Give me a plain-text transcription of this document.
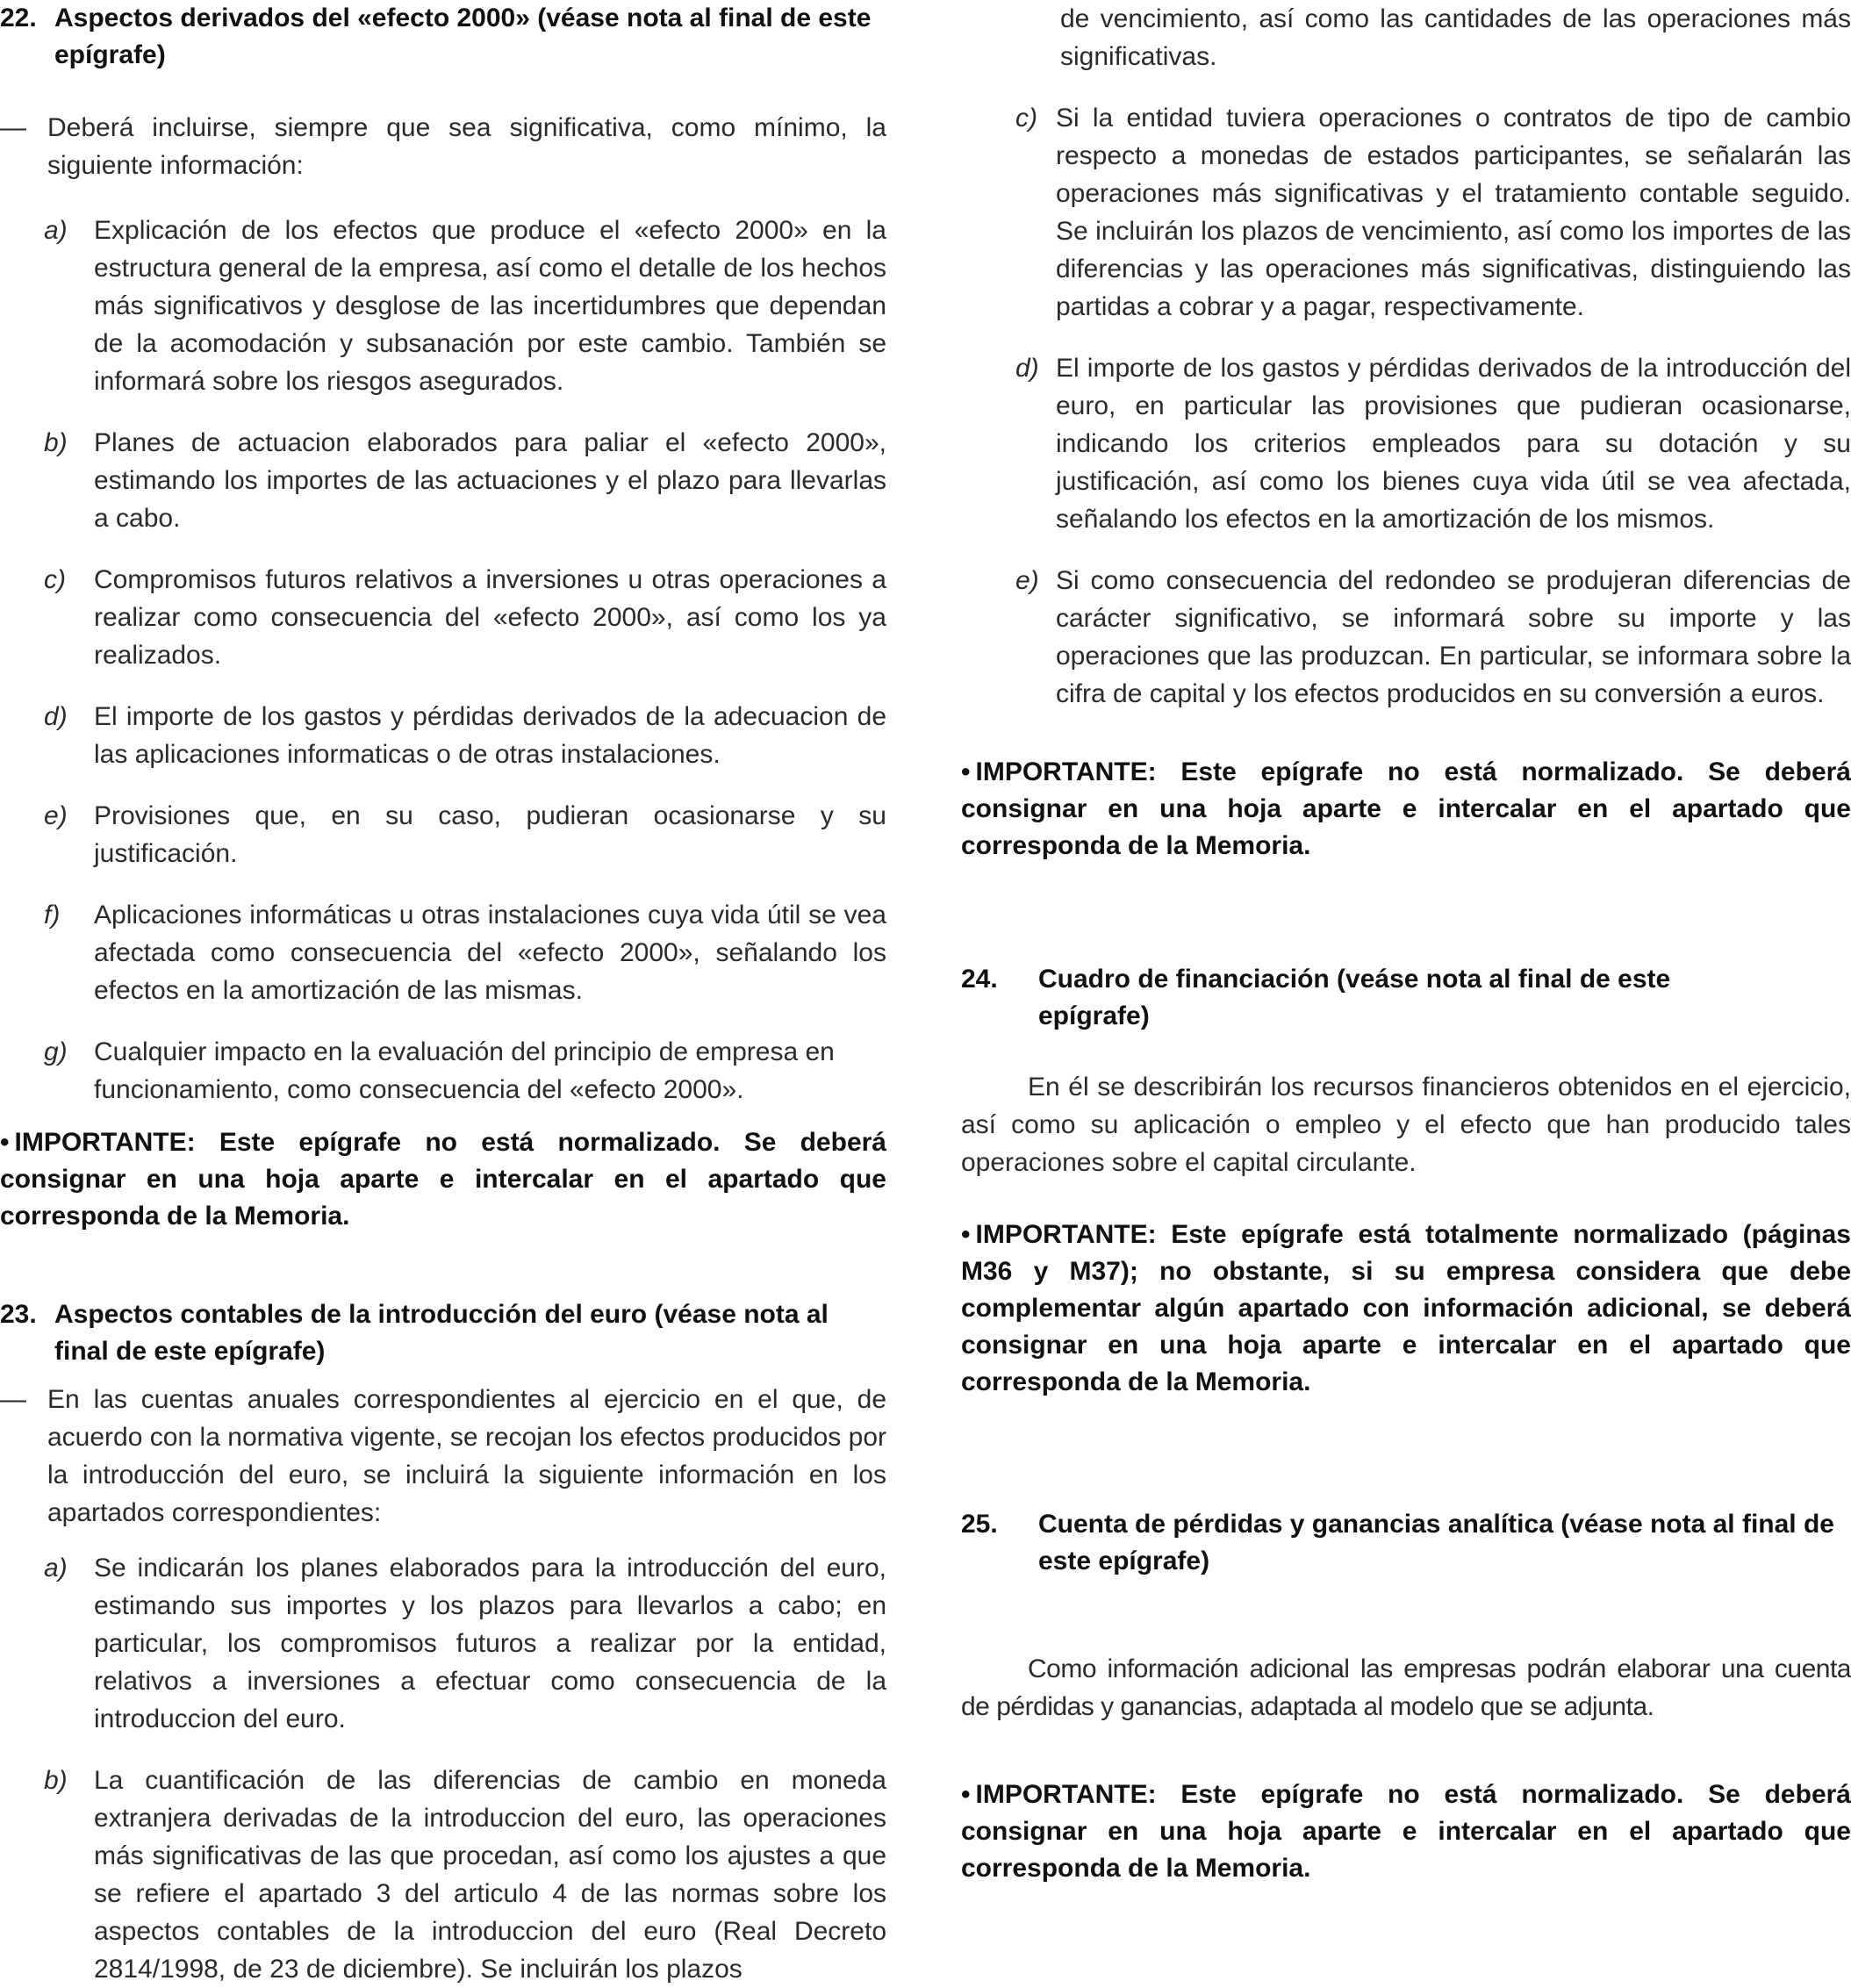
22. Aspectos derivados del «efecto 2000» (véase nota al final de este epígrafe)
— Deberá incluirse, siempre que sea significativa, como mínimo, la siguiente información:
a)	Explicación de los efectos que produce el «efecto 2000» en la estructura general de la empresa, así como el detalle de los hechos más significativos y desglose de las incertidumbres que dependan de la acomodación y subsanación por este cambio. También se informará sobre los riesgos asegurados.
b)	Planes de actuacion elaborados para paliar el «efecto 2000», estimando los importes de las actuaciones y el plazo para llevarlas a cabo.
c)	Compromisos futuros relativos a inversiones u otras operaciones a realizar como consecuencia del «efecto 2000», así como los ya realizados.
d)	El importe de los gastos y pérdidas derivados de la adecuacion de las aplicaciones informaticas o de otras instalaciones.
e)	Provisiones que, en su caso, pudieran ocasionarse y su justificación.
f)	Aplicaciones informáticas u otras instalaciones cuya vida útil se vea afectada como consecuencia del «efecto 2000», señalando los efectos en la amortización de las mismas.
g)	Cualquier impacto en la evaluación del principio de empresa en funcionamiento, como consecuencia del «efecto 2000».
• IMPORTANTE: Este epígrafe no está normalizado. Se deberá consignar en una hoja aparte e intercalar en el apartado que corresponda de la Memoria.
23. Aspectos contables de la introducción del euro (véase nota al final de este epígrafe)
— En las cuentas anuales correspondientes al ejercicio en el que, de acuerdo con la normativa vigente, se recojan los efectos producidos por la introducción del euro, se incluirá la siguiente información en los apartados correspondientes:
a)	Se indicarán los planes elaborados para la introducción del euro, estimando sus importes y los plazos para llevarlos a cabo; en particular, los compromisos futuros a realizar por la entidad, relativos a inversiones a efectuar como consecuencia de la introduccion del euro.
b)	La cuantificación de las diferencias de cambio en moneda extranjera derivadas de la introduccion del euro, las operaciones más significativas de las que procedan, así como los ajustes a que se refiere el apartado 3 del articulo 4 de las normas sobre los aspectos contables de la introduccion del euro (Real Decreto 2814/1998, de 23 de diciembre). Se incluirán los plazos
de vencimiento, así como las cantidades de las operaciones más significativas.
c) Si la entidad tuviera operaciones o contratos de tipo de cambio respecto a monedas de estados participantes, se señalarán las operaciones más significativas y el tratamiento contable seguido. Se incluirán los plazos de vencimiento, así como los importes de las diferencias y las operaciones más significativas, distinguiendo las partidas a cobrar y a pagar, respectivamente.
d) El importe de los gastos y pérdidas derivados de la introducción del euro, en particular las provisiones que pudieran ocasionarse, indicando los criterios empleados para su dotación y su justificación, así como los bienes cuya vida útil se vea afectada, señalando los efectos en la amortización de los mismos.
e) Si como consecuencia del redondeo se produjeran diferencias de carácter significativo, se informará sobre su importe y las operaciones que las produzcan. En particular, se informara sobre la cifra de capital y los efectos producidos en su conversión a euros.
• IMPORTANTE: Este epígrafe no está normalizado. Se deberá consignar en una hoja aparte e intercalar en el apartado que corresponda de la Memoria.
24.	Cuadro de financiación (veáse nota al final de este epígrafe)
En él se describirán los recursos financieros obtenidos en el ejercicio, así como su aplicación o empleo y el efecto que han producido tales operaciones sobre el capital circulante.
• IMPORTANTE: Este epígrafe está totalmente normalizado (páginas M36 y M37); no obstante, si su empresa considera que debe complementar algún apartado con información adicional, se deberá consignar en una hoja aparte e intercalar en el apartado que corresponda de la Memoria.
25.	Cuenta de pérdidas y ganancias analítica (véase nota al final de este epígrafe)
Como información adicional las empresas podrán elaborar una cuenta de pérdidas y ganancias, adaptada al modelo que se adjunta.
• IMPORTANTE: Este epígrafe no está normalizado. Se deberá consignar en una hoja aparte e intercalar en el apartado que corresponda de la Memoria.
